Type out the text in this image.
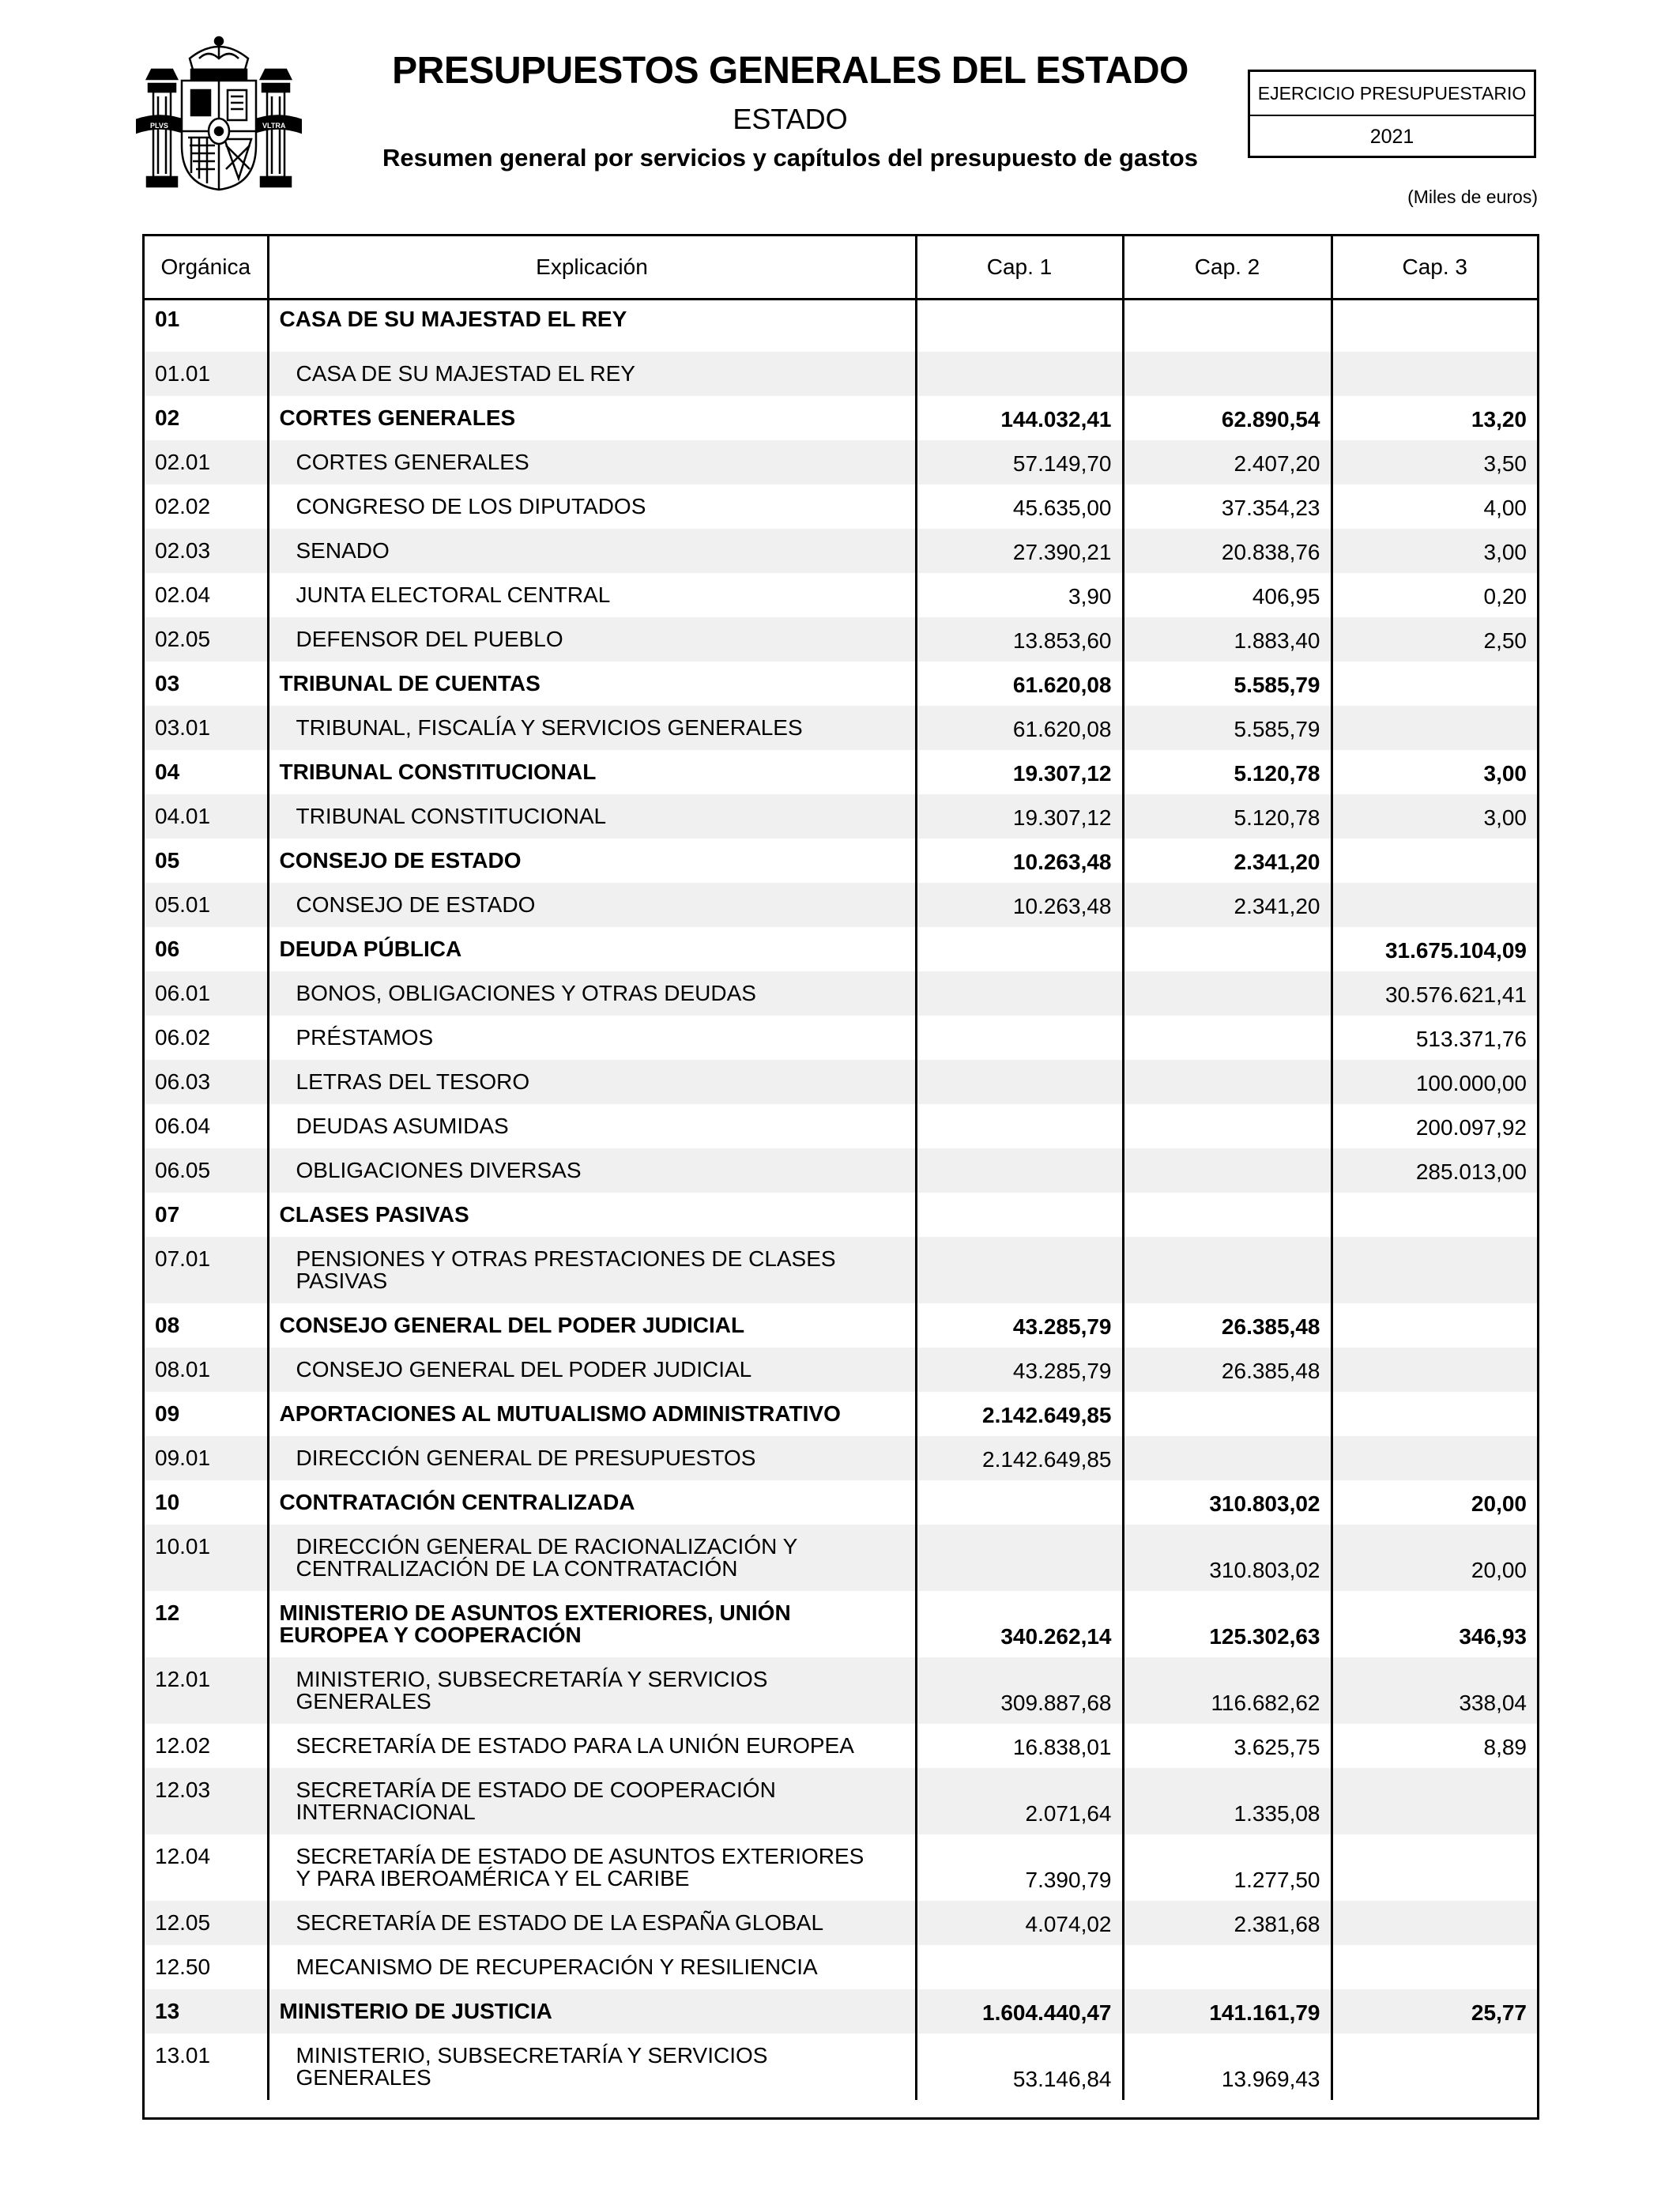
PLVS	VLTRA
PRESUPUESTOS GENERALES DEL ESTADO
ESTADO
Resumen general por servicios y capítulos del presupuesto de gastos
EJERCICIO PRESUPUESTARIO
2021
(Miles de euros)
Orgánica	Explicación	Cap. 1	Cap. 2	Cap. 3
01	CASA DE SU MAJESTAD EL REY			

01.01	CASA DE SU MAJESTAD EL REY			

02	CORTES GENERALES	144.032,41	62.890,54	13,20
02.01	CORTES GENERALES	57.149,70	2.407,20	3,50
02.02	CONGRESO DE LOS DIPUTADOS	45.635,00	37.354,23	4,00
02.03	SENADO	27.390,21	20.838,76	3,00
02.04	JUNTA ELECTORAL CENTRAL	3,90	406,95	0,20
02.05	DEFENSOR DEL PUEBLO	13.853,60	1.883,40	2,50
03	TRIBUNAL DE CUENTAS	61.620,08	5.585,79	
03.01	TRIBUNAL, FISCALÍA Y SERVICIOS GENERALES	61.620,08	5.585,79	
04	TRIBUNAL CONSTITUCIONAL	19.307,12	5.120,78	3,00
04.01	TRIBUNAL CONSTITUCIONAL	19.307,12	5.120,78	3,00
05	CONSEJO DE ESTADO	10.263,48	2.341,20	
05.01	CONSEJO DE ESTADO	10.263,48	2.341,20	
06	DEUDA PÚBLICA			31.675.104,09
06.01	BONOS, OBLIGACIONES Y OTRAS DEUDAS			30.576.621,41
06.02	PRÉSTAMOS			513.371,76
06.03	LETRAS DEL TESORO			100.000,00
06.04	DEUDAS ASUMIDAS			200.097,92
06.05	OBLIGACIONES DIVERSAS			285.013,00
07	CLASES PASIVAS			

07.01	PENSIONES Y OTRAS PRESTACIONES DE CLASES
PASIVAS			

08	CONSEJO GENERAL DEL PODER JUDICIAL	43.285,79	26.385,48	
08.01	CONSEJO GENERAL DEL PODER JUDICIAL	43.285,79	26.385,48	
09	APORTACIONES AL MUTUALISMO ADMINISTRATIVO	2.142.649,85		
09.01	DIRECCIÓN GENERAL DE PRESUPUESTOS	2.142.649,85		
10	CONTRATACIÓN CENTRALIZADA		310.803,02	20,00
10.01	DIRECCIÓN GENERAL DE RACIONALIZACIÓN Y
CENTRALIZACIÓN DE LA CONTRATACIÓN		310.803,02	20,00
12	MINISTERIO DE ASUNTOS EXTERIORES, UNIÓN
EUROPEA Y COOPERACIÓN	340.262,14	125.302,63	346,93
12.01	MINISTERIO, SUBSECRETARÍA Y SERVICIOS
GENERALES	309.887,68	116.682,62	338,04
12.02	SECRETARÍA DE ESTADO PARA LA UNIÓN EUROPEA	16.838,01	3.625,75	8,89
12.03	SECRETARÍA DE ESTADO DE COOPERACIÓN
INTERNACIONAL	2.071,64	1.335,08	
12.04	SECRETARÍA DE ESTADO DE ASUNTOS EXTERIORES
Y PARA IBEROAMÉRICA Y EL CARIBE	7.390,79	1.277,50	
12.05	SECRETARÍA DE ESTADO DE LA ESPAÑA GLOBAL	4.074,02	2.381,68	
12.50	MECANISMO DE RECUPERACIÓN Y RESILIENCIA			

13	MINISTERIO DE JUSTICIA	1.604.440,47	141.161,79	25,77
13.01	MINISTERIO, SUBSECRETARÍA Y SERVICIOS
GENERALES	53.146,84	13.969,43	
